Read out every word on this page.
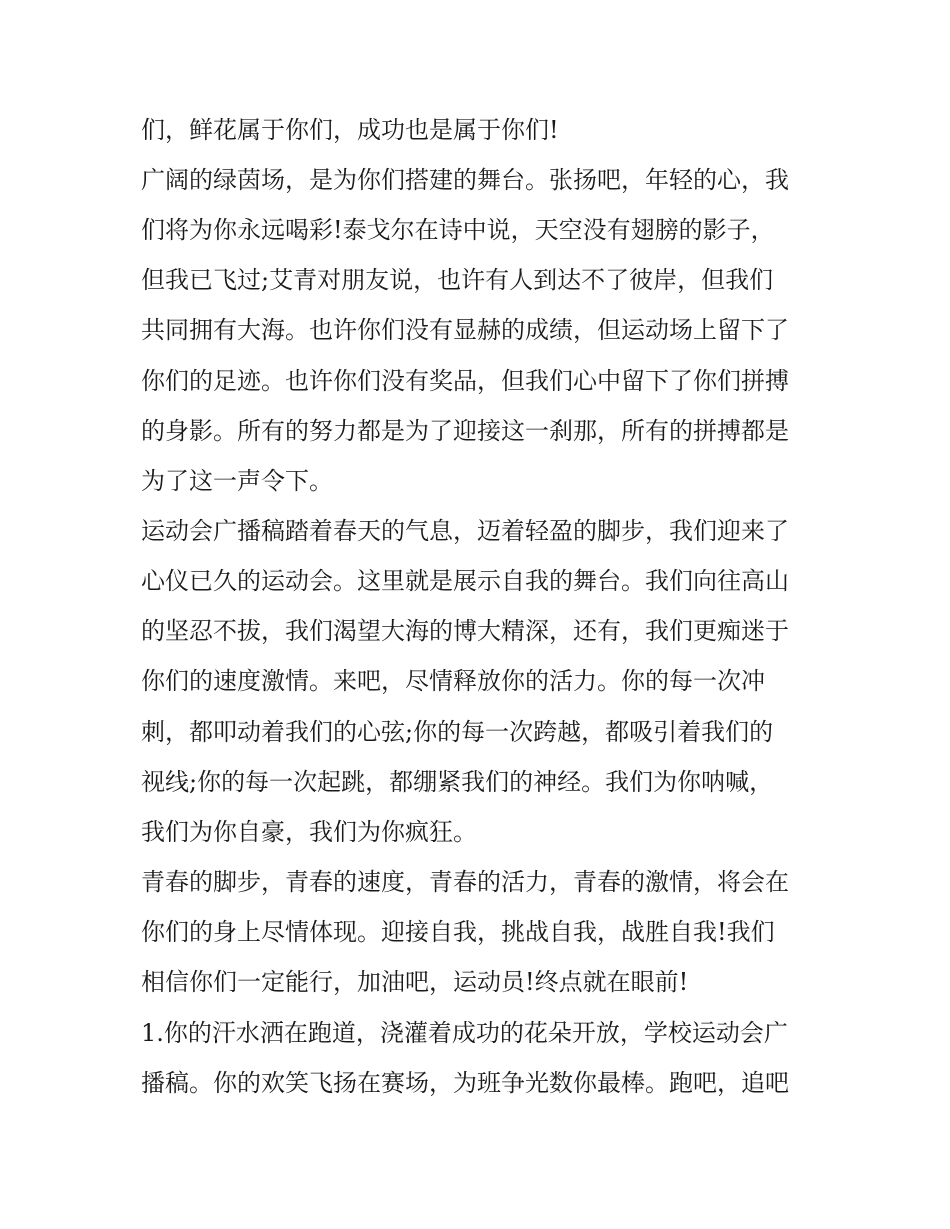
们，鲜花属于你们，成功也是属于你们!
广阔的绿茵场，是为你们搭建的舞台。张扬吧，年轻的心，我
们将为你永远喝彩!泰戈尔在诗中说，天空没有翅膀的影子，
但我已飞过;艾青对朋友说，也许有人到达不了彼岸，但我们
共同拥有大海。也许你们没有显赫的成绩，但运动场上留下了
你们的足迹。也许你们没有奖品，但我们心中留下了你们拼搏
的身影。所有的努力都是为了迎接这一刹那，所有的拼搏都是
为了这一声令下。
运动会广播稿踏着春天的气息，迈着轻盈的脚步，我们迎来了
心仪已久的运动会。这里就是展示自我的舞台。我们向往高山
的坚忍不拔，我们渴望大海的博大精深，还有，我们更痴迷于
你们的速度激情。来吧，尽情释放你的活力。你的每一次冲
刺，都叩动着我们的心弦;你的每一次跨越，都吸引着我们的
视线;你的每一次起跳，都绷紧我们的神经。我们为你呐喊，
我们为你自豪，我们为你疯狂。
青春的脚步，青春的速度，青春的活力，青春的激情，将会在
你们的身上尽情体现。迎接自我，挑战自我，战胜自我!我们
相信你们一定能行，加油吧，运动员!终点就在眼前!
1.你的汗水洒在跑道，浇灌着成功的花朵开放，学校运动会广
播稿。你的欢笑飞扬在赛场，为班争光数你最棒。跑吧，追吧
